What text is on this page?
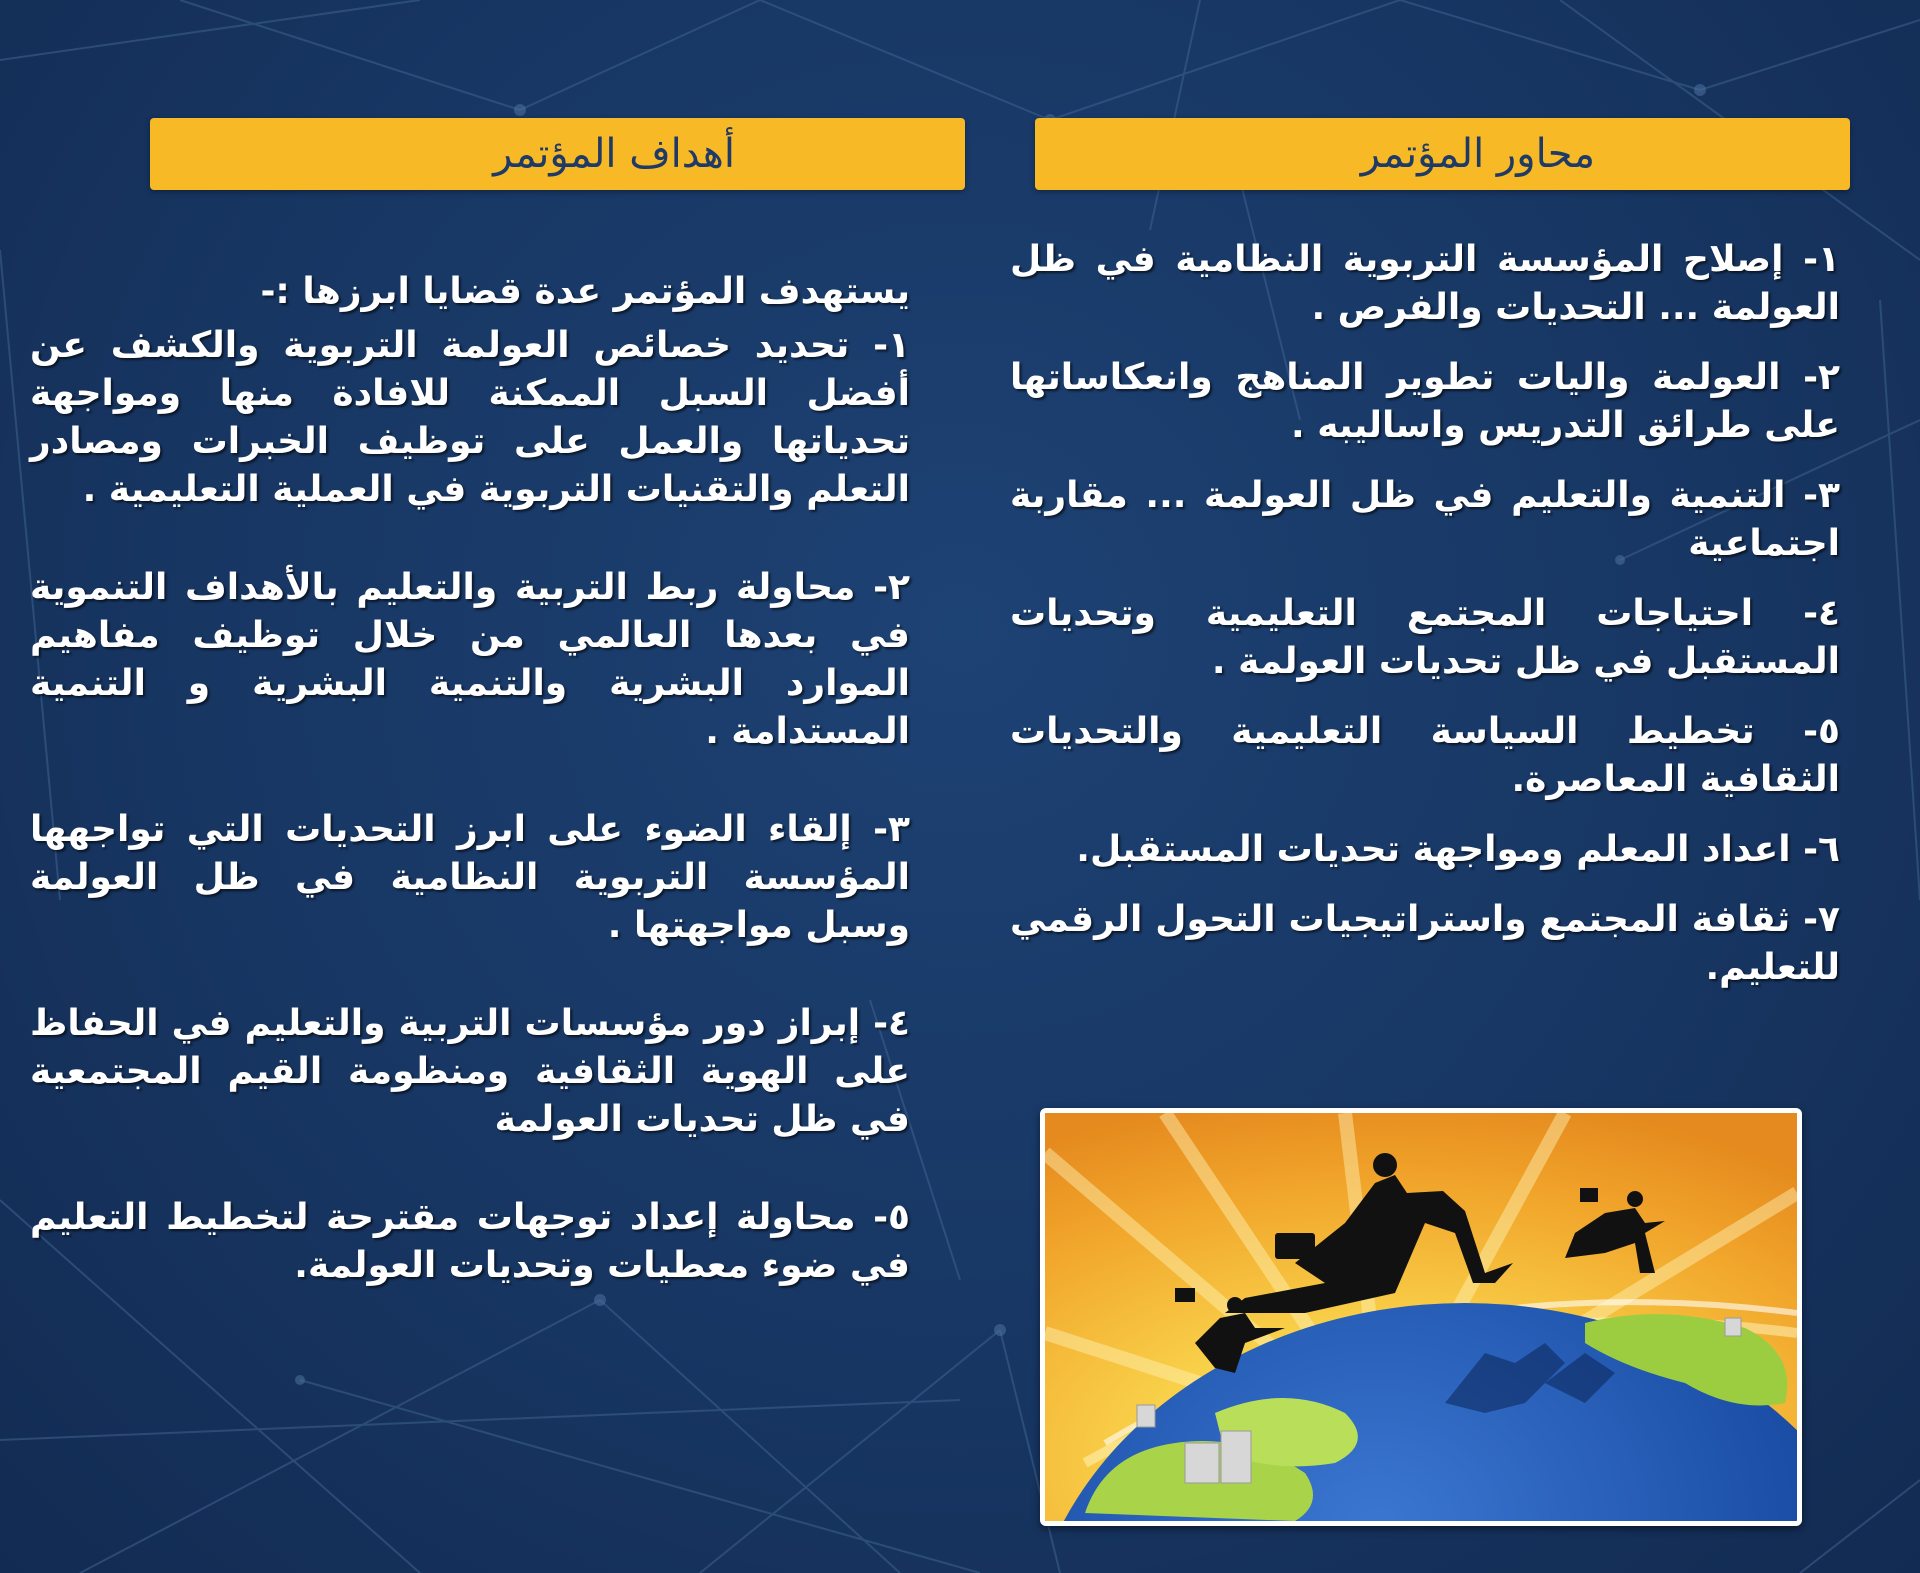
أهداف المؤتمر
يستهدف المؤتمر عدة قضايا ابرزها :-
١- تحديد خصائص العولمة التربوية والكشف عن أفضل السبل الممكنة للافادة منها ومواجهة تحدياتها والعمل على توظيف الخبرات ومصادر التعلم والتقنيات التربوية في العملية التعليمية .
٢- محاولة ربط التربية والتعليم بالأهداف التنموية في بعدها العالمي من خلال توظيف مفاهيم الموارد البشرية والتنمية البشرية و التنمية المستدامة .
٣- إلقاء الضوء على ابرز التحديات التي تواجهها المؤسسة التربوية النظامية في ظل العولمة وسبل مواجهتها .
٤- إبراز دور مؤسسات التربية والتعليم في الحفاظ على الهوية الثقافية ومنظومة القيم المجتمعية في ظل تحديات العولمة
٥- محاولة إعداد توجهات مقترحة لتخطيط التعليم في ضوء معطيات وتحديات العولمة.
محاور المؤتمر
١- إصلاح المؤسسة التربوية النظامية في ظل العولمة ... التحديات والفرص .
٢- العولمة واليات تطوير المناهج وانعكاساتها على طرائق التدريس واساليبه .
٣- التنمية والتعليم في ظل العولمة ... مقاربة اجتماعية
٤- احتياجات المجتمع التعليمية وتحديات المستقبل في ظل تحديات العولمة .
٥- تخطيط السياسة التعليمية والتحديات الثقافية المعاصرة.
٦- اعداد المعلم ومواجهة تحديات المستقبل.
٧- ثقافة المجتمع واستراتيجيات التحول الرقمي للتعليم.
